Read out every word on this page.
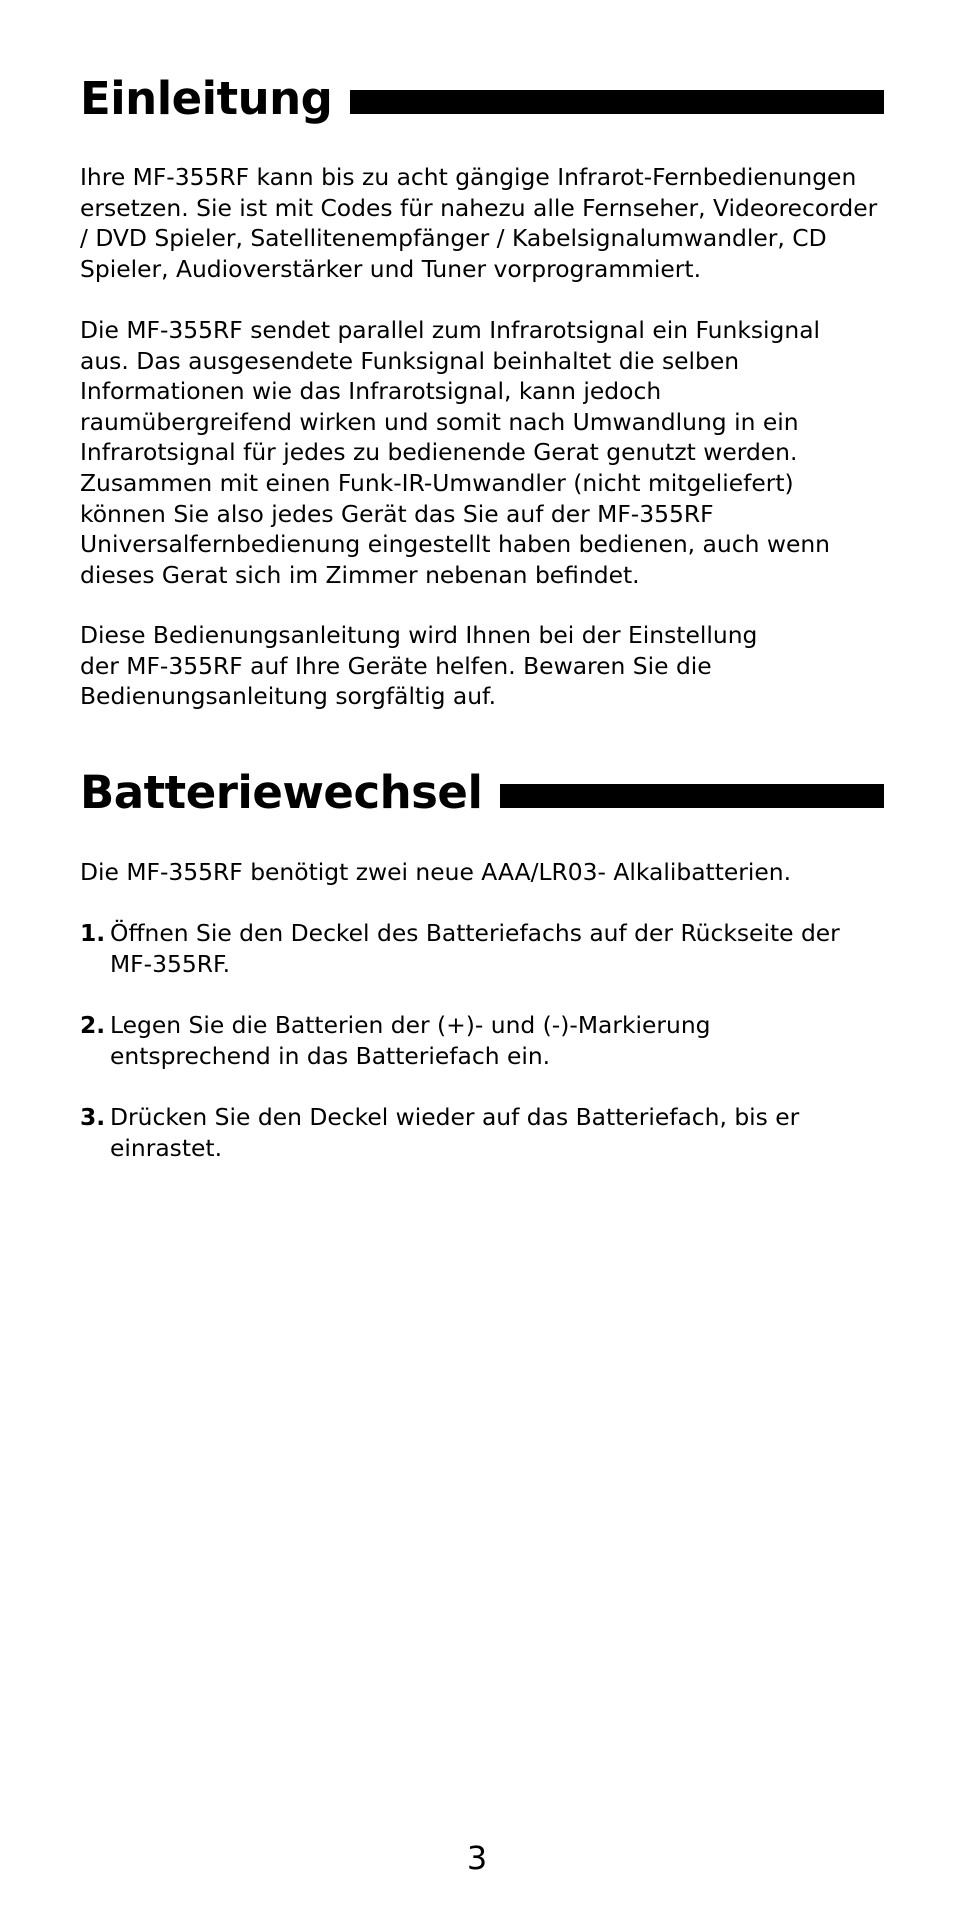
Einleitung

Ihre MF-355RF kann bis zu acht gängige Infrarot-Fernbedienungen
ersetzen. Sie ist mit Codes für nahezu alle Fernseher, Videorecorder
/ DVD Spieler, Satellitenempfänger / Kabelsignalumwandler, CD
Spieler, Audioverstärker und Tuner vorprogrammiert.

Die MF-355RF sendet parallel zum Infrarotsignal ein Funksignal
aus. Das ausgesendete Funksignal beinhaltet die selben
Informationen wie das Infrarotsignal, kann jedoch
raumübergreifend wirken und somit nach Umwandlung in ein
Infrarotsignal für jedes zu bedienende Gerat genutzt werden.
Zusammen mit einen Funk-IR-Umwandler (nicht mitgeliefert)
können Sie also jedes Gerät das Sie auf der MF-355RF
Universalfernbedienung eingestellt haben bedienen, auch wenn
dieses Gerat sich im Zimmer nebenan befindet.

Diese Bedienungsanleitung wird Ihnen bei der Einstellung
der MF-355RF auf Ihre Geräte helfen. Bewaren Sie die
Bedienungsanleitung sorgfältig auf.

Batteriewechsel

Die MF-355RF benötigt zwei neue AAA/LR03- Alkalibatterien.

1. Öffnen Sie den Deckel des Batteriefachs auf der Rückseite der
MF-355RF.
2. Legen Sie die Batterien der (+)- und (-)-Markierung
entsprechend in das Batteriefach ein.
3. Drücken Sie den Deckel wieder auf das Batteriefach, bis er
einrastet.
3
